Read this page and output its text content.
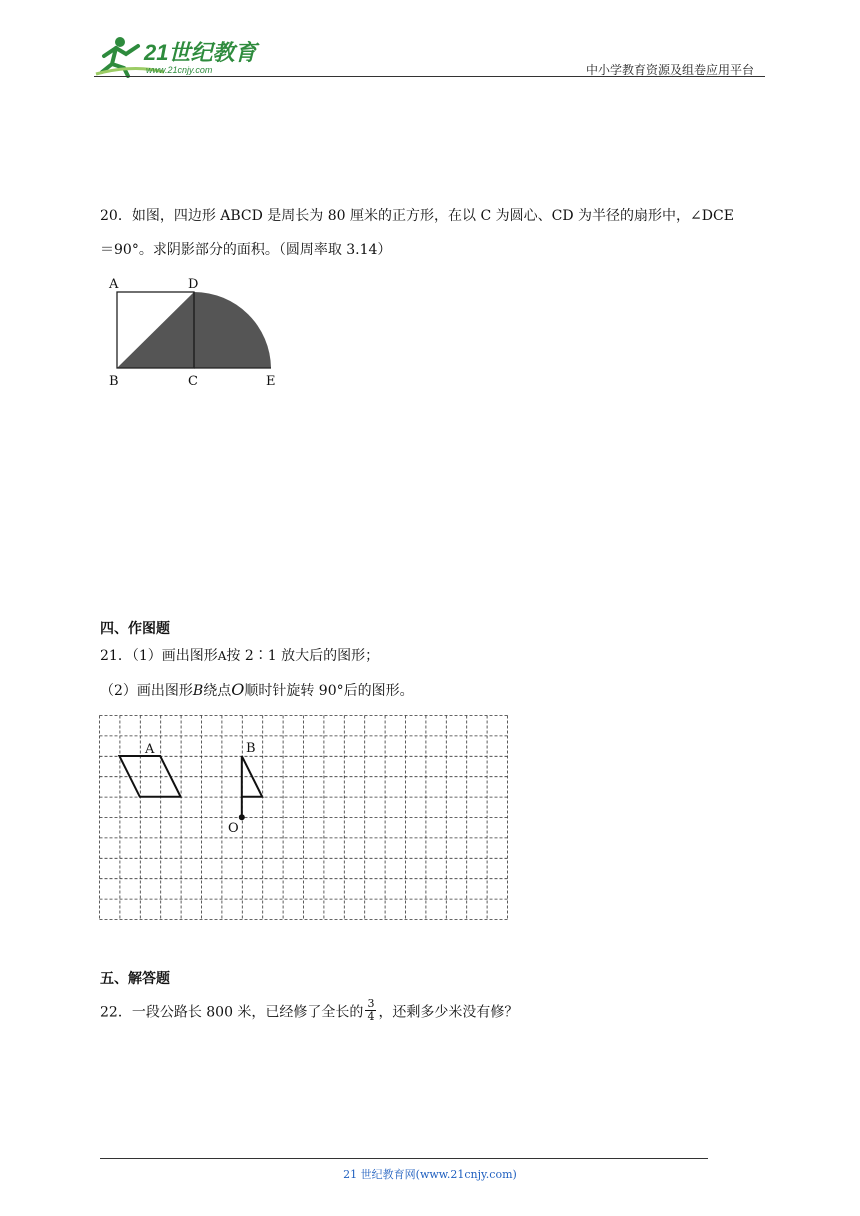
21世纪教育
www.21cnjy.com	中小学教育资源及组卷应用平台
20．如图，四边形 ABCD 是周长为 80 厘米的正方形，在以 C 为圆心、CD 为半径的扇形中，∠DCE
＝90°。求阴影部分的面积。（圆周率取 3.14）
A	D
B	C	E
四、作图题
21．（1）画出图形A按 2∶1 放大后的图形；
（2）画出图形B绕点O顺时针旋转 90°后的图形。
A	B
O
五、解答题
22．一段公路长 800 米，已经修了全长的 $\frac{3}{4}$ ，还剩多少米没有修？
21 世纪教育网(www.21cnjy.com)
